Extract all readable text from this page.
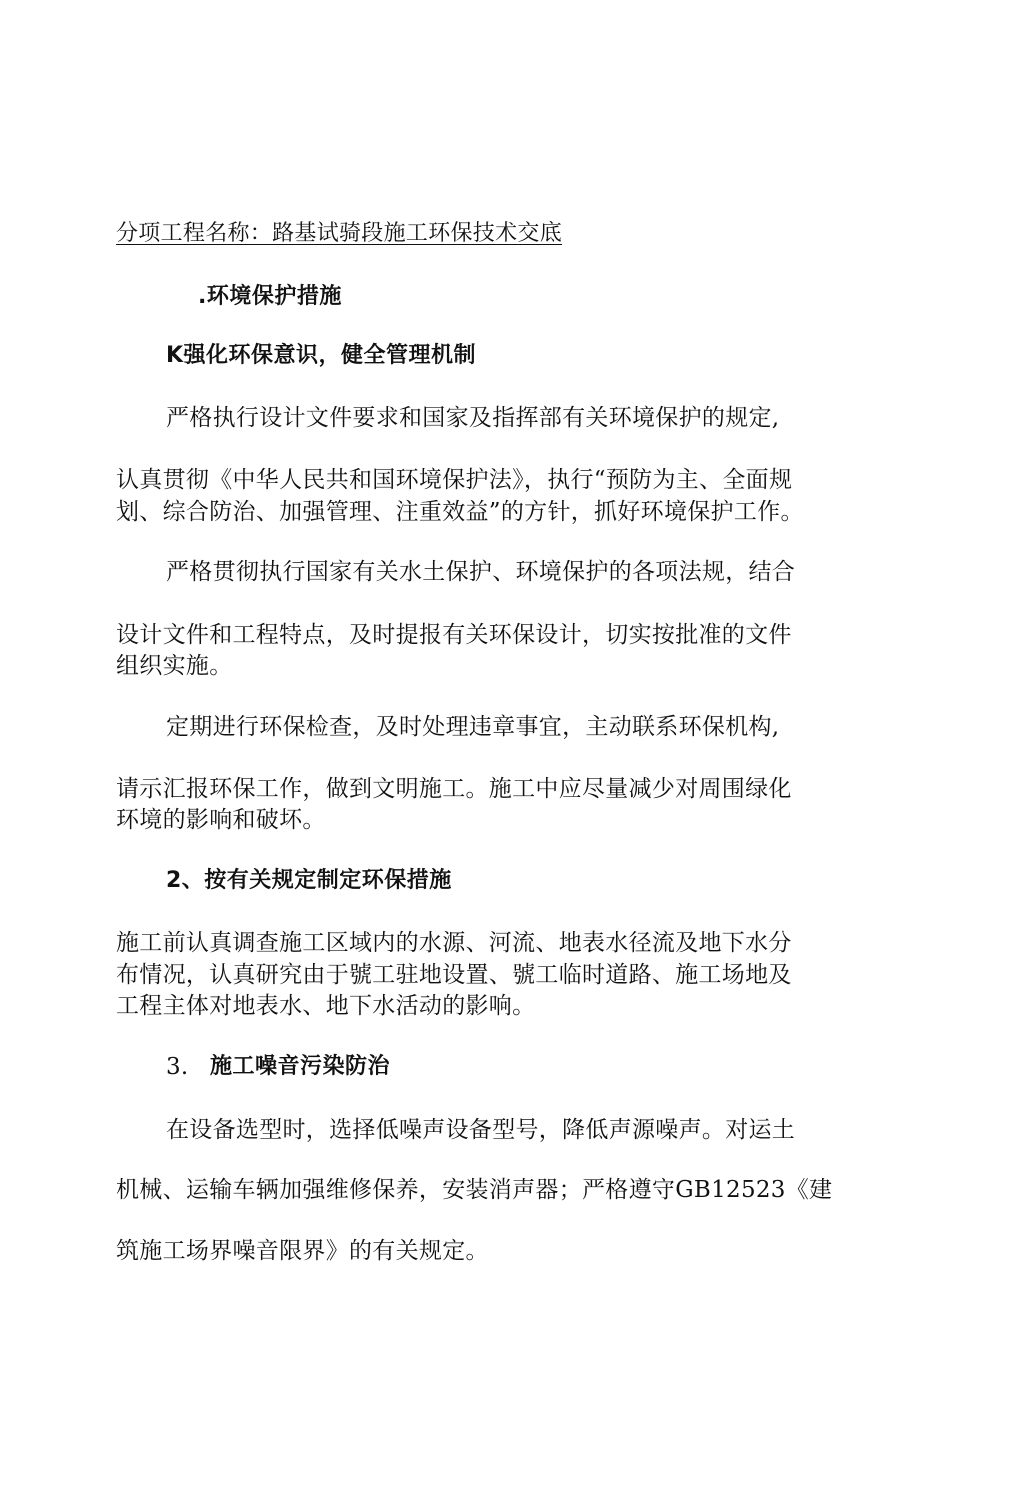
分项工程名称：路基试骑段施工环保技术交底
.环境保护措施
K强化环保意识，健全管理机制
严格执行设计文件要求和国家及指挥部有关环境保护的规定,
认真贯彻《中华人民共和国环境保护法》，执行“预防为主、全面规
划、综合防治、加强管理、注重效益”的方针，抓好环境保护工作。
严格贯彻执行国家有关水土保护、环境保护的各项法规，结合
设计文件和工程特点，及时提报有关环保设计，切实按批准的文件
组织实施。
定期进行环保检查，及时处理违章事宜，主动联系环保机构,
请示汇报环保工作，做到文明施工。施工中应尽量减少对周围绿化
环境的影响和破坏。
2、按有关规定制定环保措施
施工前认真调查施工区域内的水源、河流、地表水径流及地下水分
布情况，认真研究由于號工驻地设置、號工临时道路、施工场地及
工程主体对地表水、地下水活动的影响。
3. 施工噪音污染防治
在设备选型时，选择低噪声设备型号，降低声源噪声。对运土
机械、运输车辆加强维修保养，安装消声器；严格遵守GB12523《建
筑施工场界噪音限界》的有关规定。
